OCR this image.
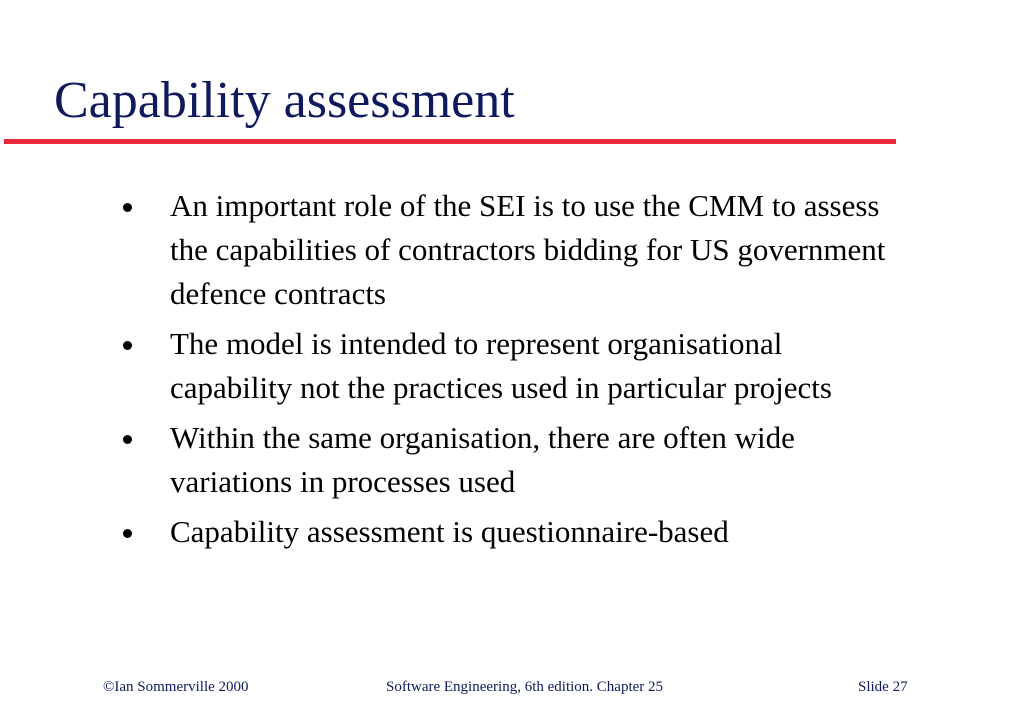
Capability assessment
An important role of the SEI is to use the CMM to assess the capabilities of contractors bidding for US government defence contracts
The model is intended to represent organisational capability not the practices used in particular projects
Within the same organisation, there are often wide variations in processes used
Capability assessment is questionnaire-based
©Ian Sommerville 2000	Software Engineering, 6th edition. Chapter 25	Slide 27
